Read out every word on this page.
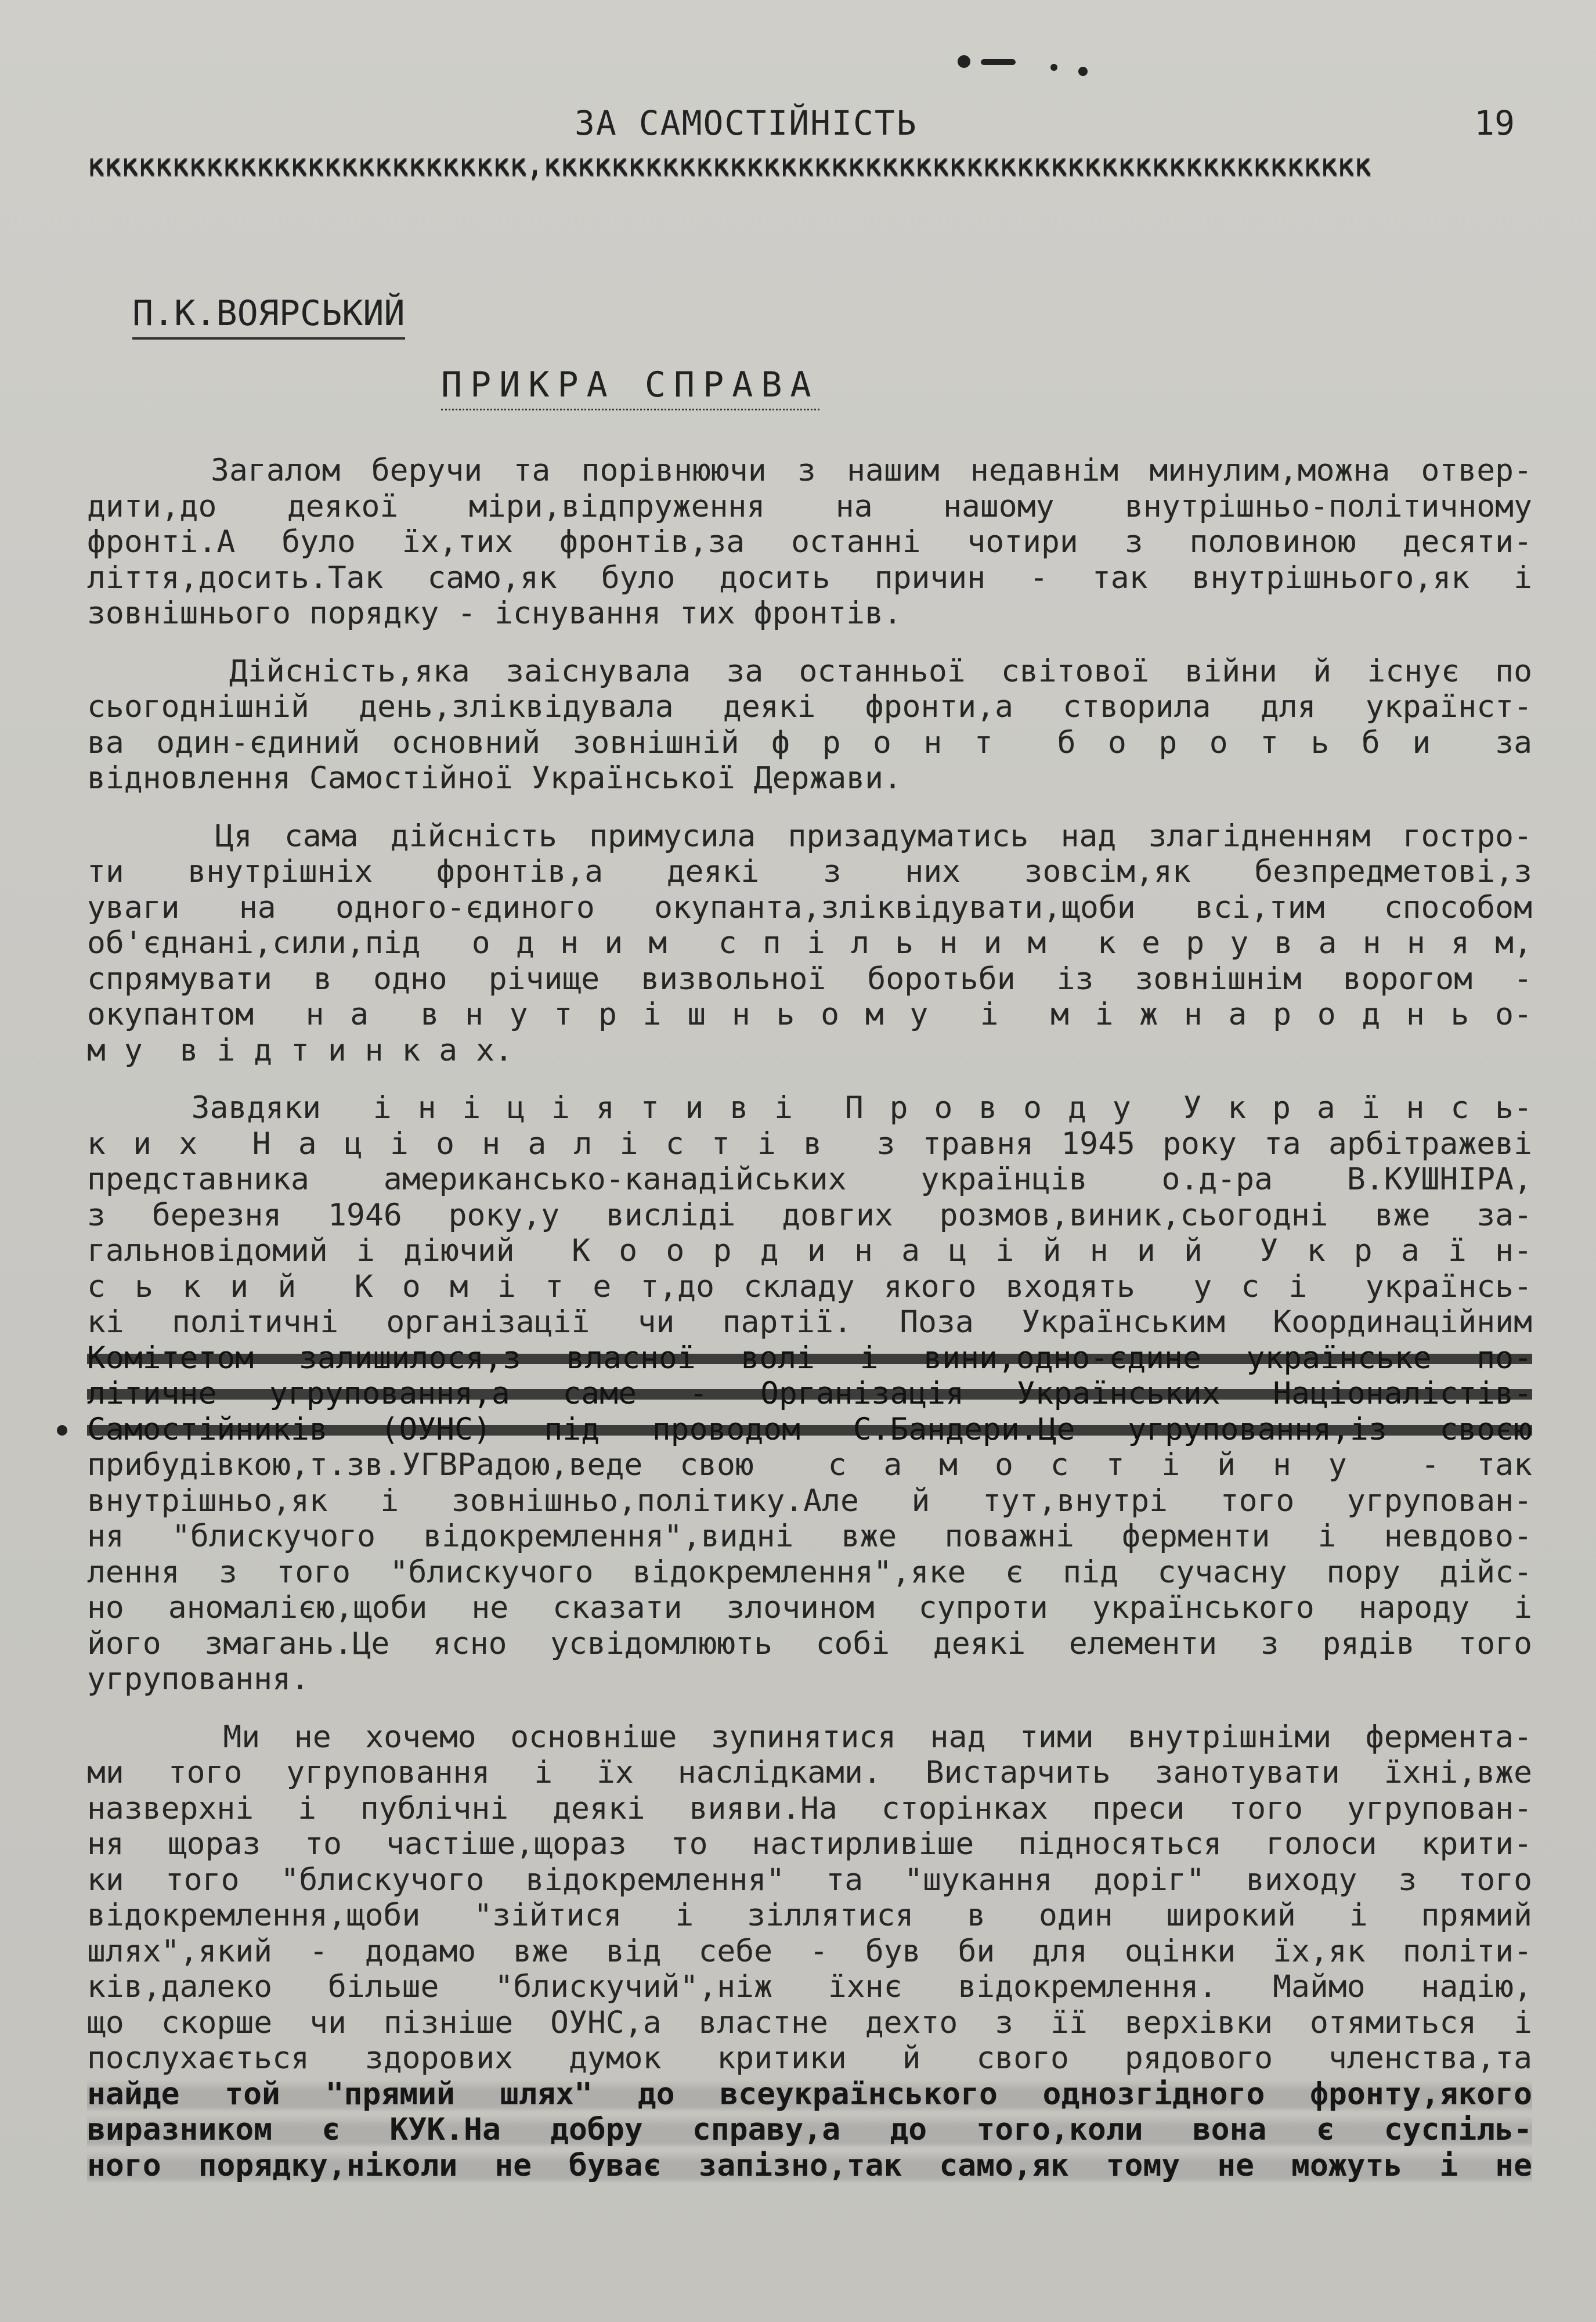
ЗА САМОСТІЙНІСТЬ	19
кккккккккккккккккккккккккк,ккккккккккккккккккккккккккккккккккккккккккккккккк
П.К.ВОЯРСЬКИЙ
ПРИКРА СПРАВА
Загалом беручи та порівнюючи з нашим недавнім минулим,можна отвер-
дити,до деякої міри,відпруження на нашому внутрішньо-політичному
фронті.А було їх,тих фронтів,за останні чотири з половиною десяти-
ліття,досить.Так само,як було досить причин - так внутрішнього,як і
зовнішнього порядку - існування тих фронтів.
Дійсність,яка заіснувала за останньої світової війни й існує по
сьогоднішній день,зліквідувала деякі фронти,а створила для українст-
ва один-єдиний основний зовнішній ф р о н т  б о р о т ь б и  за
відновлення Самостійної Української Держави.
Ця сама дійсність примусила призадуматись над злагідненням гостро-
ти внутрішніх фронтів,а деякі з них зовсім,як безпредметові,з
уваги на одного-єдиного окупанта,зліквідувати,щоби всі,тим способом
об'єднані,сили,під  о д н и м  с п і л ь н и м  к е р у в а н н я м,
спрямувати в одно річище визвольної боротьби із зовнішнім ворогом -
окупантом  н а  в н у т р і ш н ь о м у  і  м і ж н а р о д н ь о-
м у  в і д т и н к а х.
Завдяки  і н і ц і я т и в і  П р о в о д у  У к р а ї н с ь-
к и х  Н а ц і о н а л і с т і в  з травня 1945 року та арбітражеві
представника американсько-канадійських українців о.д-ра В.КУШНІРА,
з березня 1946 року,у висліді довгих розмов,виник,сьогодні вже за-
гальновідомий і діючий  К о о р д и н а ц і й н и й  У к р а ї н-
с ь к и й  К о м і т е т,до складу якого входять  у с і  українсь-
кі політичні організації чи партії. Поза Українським Координаційним
Комітетом залишилося,з власної волі і вини,одно-єдине українське по-
літичне угруповання,а саме - Організація Українських Націоналістів-
Самостійників (ОУНС) під проводом С.Бандери.Це угруповання,із своєю
прибудівкою,т.зв.УГВРадою,веде свою  с а м о с т і й н у  - так
внутрішньо,як і зовнішньо,політику.Але й тут,внутрі того угрупован-
ня "блискучого відокремлення",видні вже поважні ферменти і невдово-
лення з того "блискучого відокремлення",яке є під сучасну пору дійс-
но аномалією,щоби не сказати злочином супроти українського народу і
його змагань.Це ясно усвідомлюють собі деякі елементи з рядів того
угруповання.
Ми не хочемо основніше зупинятися над тими внутрішніми фермента-
ми того угруповання і їх наслідками. Вистарчить занотувати їхні,вже
назверхні і публічні деякі вияви.На сторінках преси того угрупован-
ня щораз то частіше,щораз то настирливіше підносяться голоси крити-
ки того "блискучого відокремлення" та "шукання доріг" виходу з того
відокремлення,щоби "зійтися і зіллятися в один широкий і прямий
шлях",який - додамо вже від себе - був би для оцінки їх,як політи-
ків,далеко більше "блискучий",ніж їхнє відокремлення. Маймо надію,
що скорше чи пізніше ОУНС,а властне дехто з її верхівки отямиться і
послухається здорових думок критики й свого рядового членства,та
найде той "прямий шлях" до всеукраїнського однозгідного фронту,якого
виразником є КУК.На добру справу,а до того,коли вона є суспіль-
ного порядку,ніколи не буває запізно,так само,як тому не можуть і не
